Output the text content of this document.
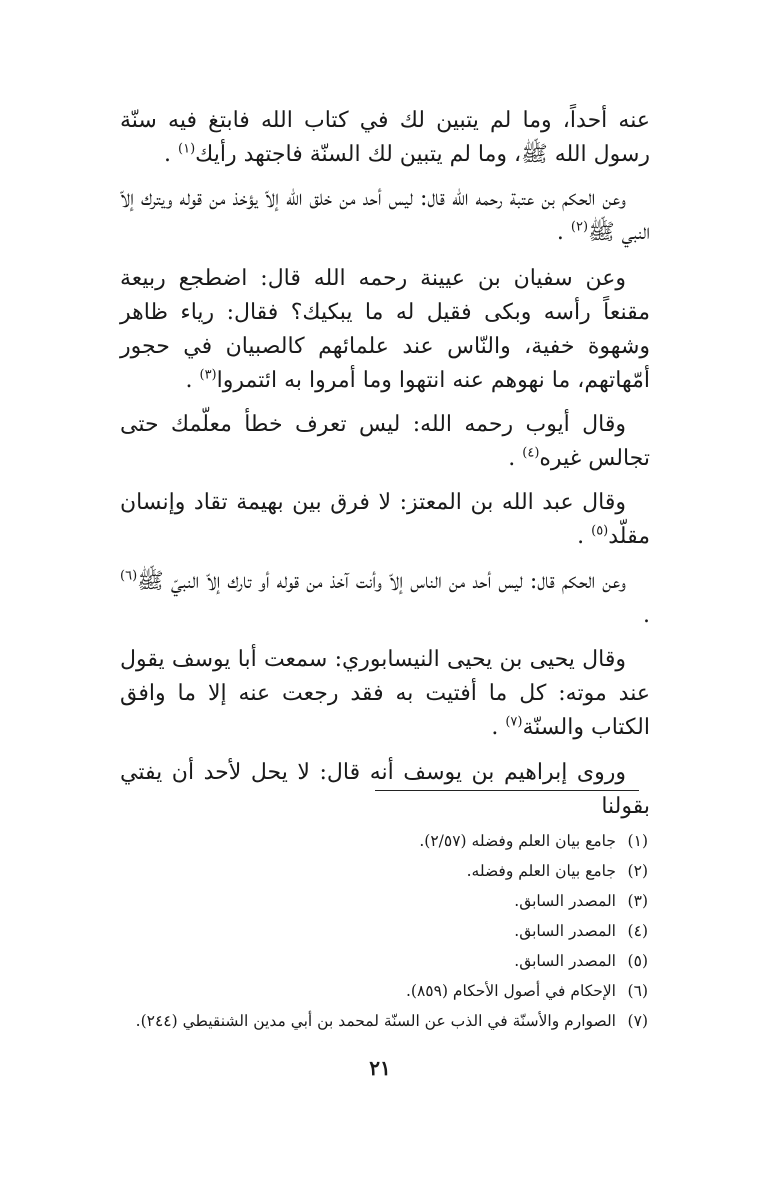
عنه أحداً، وما لم يتبين لك في كتاب الله فابتغ فيه سنّة رسول الله ﷺ، وما لم يتبين لك السنّة فاجتهد رأيك$^{(١)}$ .

وعن الحكم بن عتبة رحمه الله قال: ليس أحد من خلق الله إلاّ يؤخذ من قوله ويترك إلاّ النبي ﷺ$^{(٢)}$ .

وعن سفيان بن عيينة رحمه الله قال: اضطجع ربيعة مقنعاً رأسه وبكى فقيل له ما يبكيك؟ فقال: رياء ظاهر وشهوة خفية، والنّاس عند علمائهم كالصبيان في حجور أمّهاتهم، ما نهوهم عنه انتهوا وما أمروا به ائتمروا$^{(٣)}$ .

وقال أيوب رحمه الله: ليس تعرف خطأ معلّمك حتى تجالس غيره$^{(٤)}$ .

وقال عبد الله بن المعتز: لا فرق بين بهيمة تقاد وإنسان مقلّد$^{(٥)}$ .

وعن الحكم قال: ليس أحد من الناس إلاّ وأنت آخذ من قوله أو تارك إلاّ النبيّ ﷺ$^{(٦)}$ .

وقال يحيى بن يحيى النيسابوري: سمعت أبا يوسف يقول عند موته: كل ما أفتيت به فقد رجعت عنه إلا ما وافق الكتاب والسنّة$^{(٧)}$ .

وروى إبراهيم بن يوسف أنه قال: لا يحل لأحد أن يفتي بقولنا

(١)جامع بيان العلم وفضله (٢/٥٧).
(٢)جامع بيان العلم وفضله.
(٣)المصدر السابق.
(٤)المصدر السابق.
(٥)المصدر السابق.
(٦)الإحكام في أصول الأحكام (٨٥٩).
(٧)الصوارم والأسنّة في الذب عن السنّة لمحمد بن أبي مدين الشنقيطي (٢٤٤).
٢١
